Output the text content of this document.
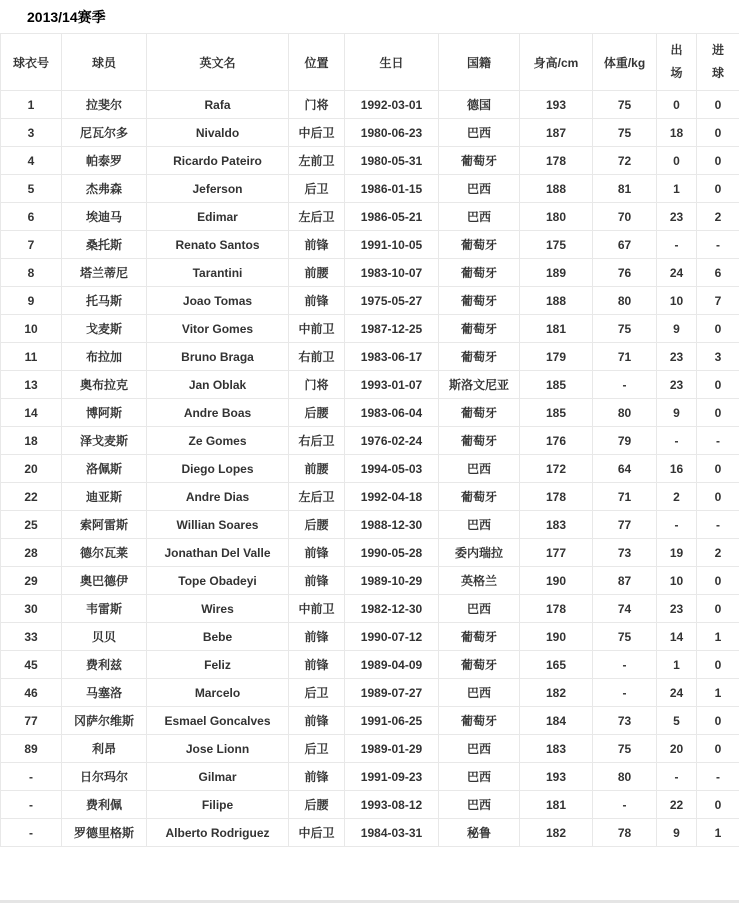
2013/14赛季
球衣号	球员	英文名	位置	生日	国籍	身高/cm	体重/kg	出场	进球
1	拉斐尔	Rafa	门将	1992-03-01	德国	193	75	0	0
3	尼瓦尔多	Nivaldo	中后卫	1980-06-23	巴西	187	75	18	0
4	帕泰罗	Ricardo Pateiro	左前卫	1980-05-31	葡萄牙	178	72	0	0
5	杰弗森	Jeferson	后卫	1986-01-15	巴西	188	81	1	0
6	埃迪马	Edimar	左后卫	1986-05-21	巴西	180	70	23	2
7	桑托斯	Renato Santos	前锋	1991-10-05	葡萄牙	175	67	-	-
8	塔兰蒂尼	Tarantini	前腰	1983-10-07	葡萄牙	189	76	24	6
9	托马斯	Joao Tomas	前锋	1975-05-27	葡萄牙	188	80	10	7
10	戈麦斯	Vitor Gomes	中前卫	1987-12-25	葡萄牙	181	75	9	0
11	布拉加	Bruno Braga	右前卫	1983-06-17	葡萄牙	179	71	23	3
13	奥布拉克	Jan Oblak	门将	1993-01-07	斯洛文尼亚	185	-	23	0
14	博阿斯	Andre Boas	后腰	1983-06-04	葡萄牙	185	80	9	0
18	泽戈麦斯	Ze Gomes	右后卫	1976-02-24	葡萄牙	176	79	-	-
20	洛佩斯	Diego Lopes	前腰	1994-05-03	巴西	172	64	16	0
22	迪亚斯	Andre Dias	左后卫	1992-04-18	葡萄牙	178	71	2	0
25	索阿雷斯	Willian Soares	后腰	1988-12-30	巴西	183	77	-	-
28	德尔瓦莱	Jonathan Del Valle	前锋	1990-05-28	委内瑞拉	177	73	19	2
29	奥巴德伊	Tope Obadeyi	前锋	1989-10-29	英格兰	190	87	10	0
30	韦雷斯	Wires	中前卫	1982-12-30	巴西	178	74	23	0
33	贝贝	Bebe	前锋	1990-07-12	葡萄牙	190	75	14	1
45	费利兹	Feliz	前锋	1989-04-09	葡萄牙	165	-	1	0
46	马塞洛	Marcelo	后卫	1989-07-27	巴西	182	-	24	1
77	冈萨尔维斯	Esmael Goncalves	前锋	1991-06-25	葡萄牙	184	73	5	0
89	利昂	Jose Lionn	后卫	1989-01-29	巴西	183	75	20	0
-	日尔玛尔	Gilmar	前锋	1991-09-23	巴西	193	80	-	-
-	费利佩	Filipe	后腰	1993-08-12	巴西	181	-	22	0
-	罗德里格斯	Alberto Rodriguez	中后卫	1984-03-31	秘鲁	182	78	9	1
